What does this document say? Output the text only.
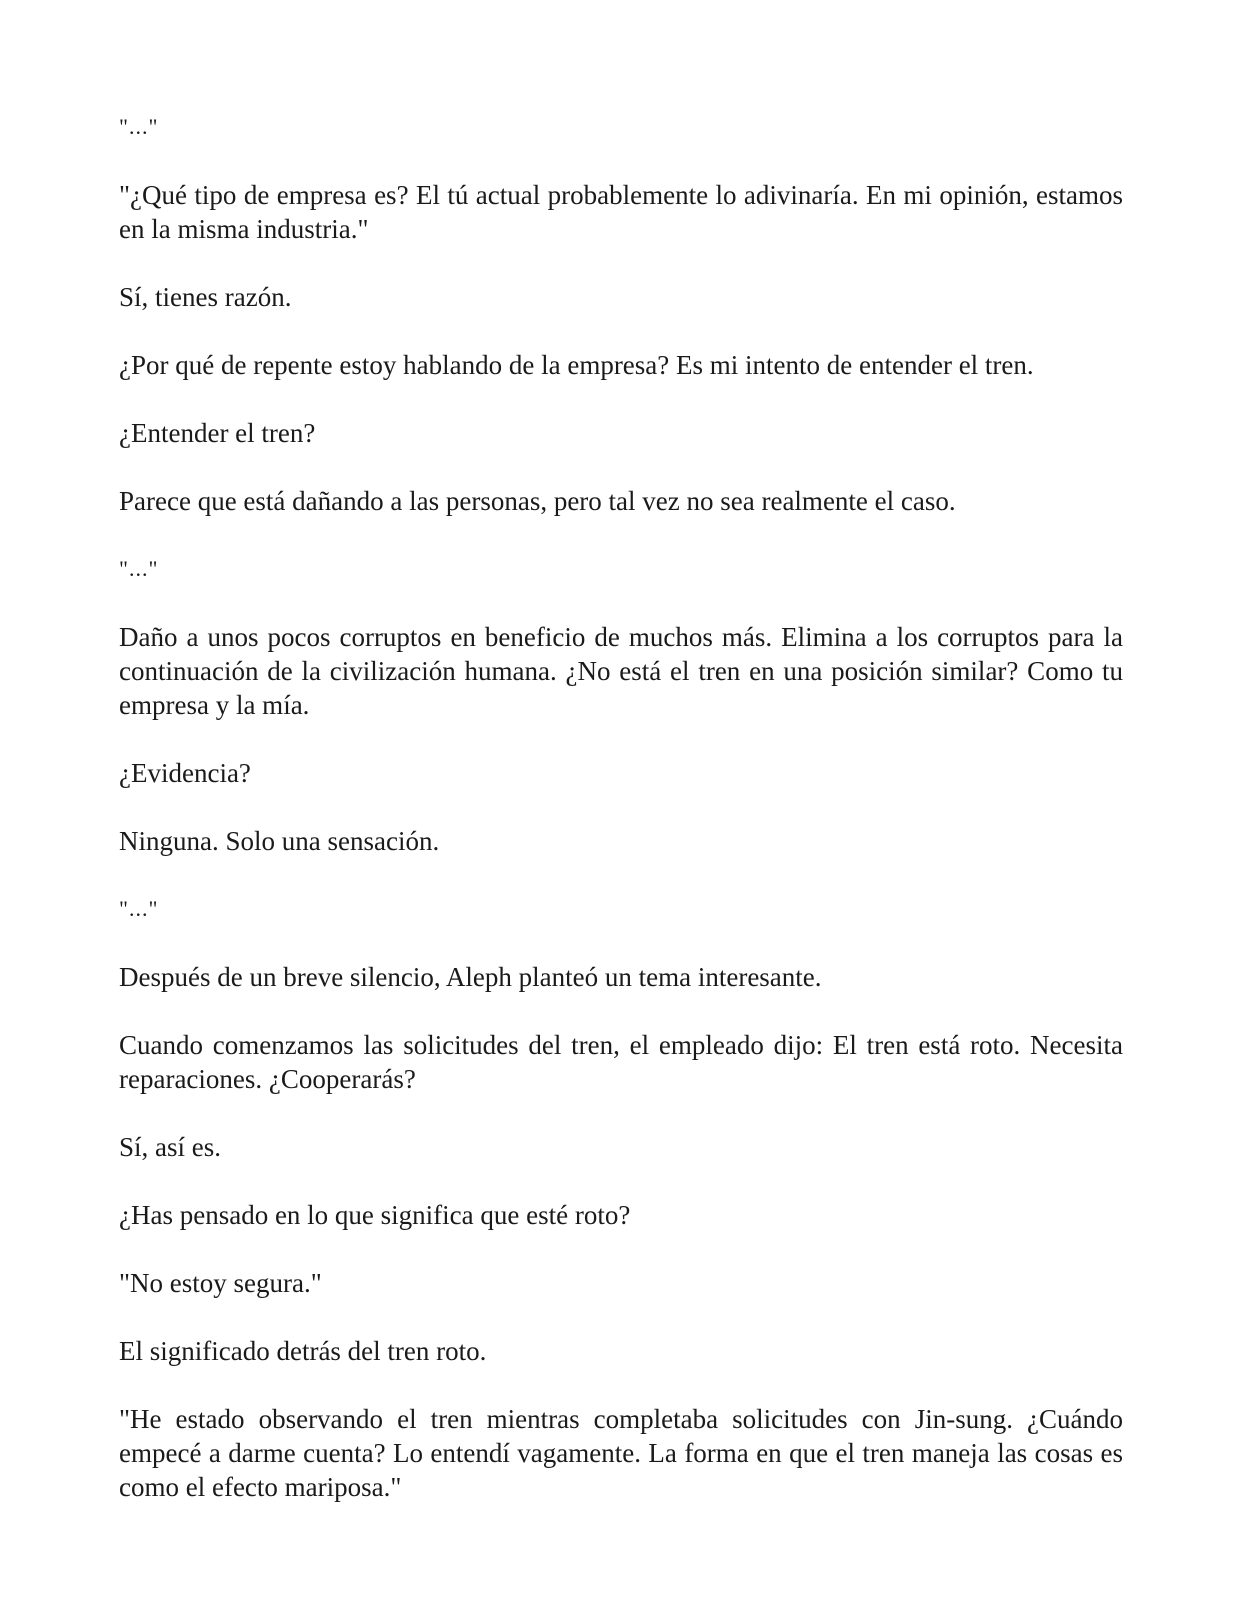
"..."

"¿Qué tipo de empresa es? El tú actual probablemente lo adivinaría. En mi opinión, estamos en la misma industria."

Sí, tienes razón.

¿Por qué de repente estoy hablando de la empresa? Es mi intento de entender el tren.

¿Entender el tren?

Parece que está dañando a las personas, pero tal vez no sea realmente el caso.

"..."

Daño a unos pocos corruptos en beneficio de muchos más. Elimina a los corruptos para la continuación de la civilización humana. ¿No está el tren en una posición similar? Como tu empresa y la mía.

¿Evidencia?

Ninguna. Solo una sensación.

"..."

Después de un breve silencio, Aleph planteó un tema interesante.

Cuando comenzamos las solicitudes del tren, el empleado dijo: El tren está roto. Necesita reparaciones. ¿Cooperarás?

Sí, así es.

¿Has pensado en lo que significa que esté roto?

"No estoy segura."

El significado detrás del tren roto.

"He estado observando el tren mientras completaba solicitudes con Jin-sung. ¿Cuándo empecé a darme cuenta? Lo entendí vagamente. La forma en que el tren maneja las cosas es como el efecto mariposa."
